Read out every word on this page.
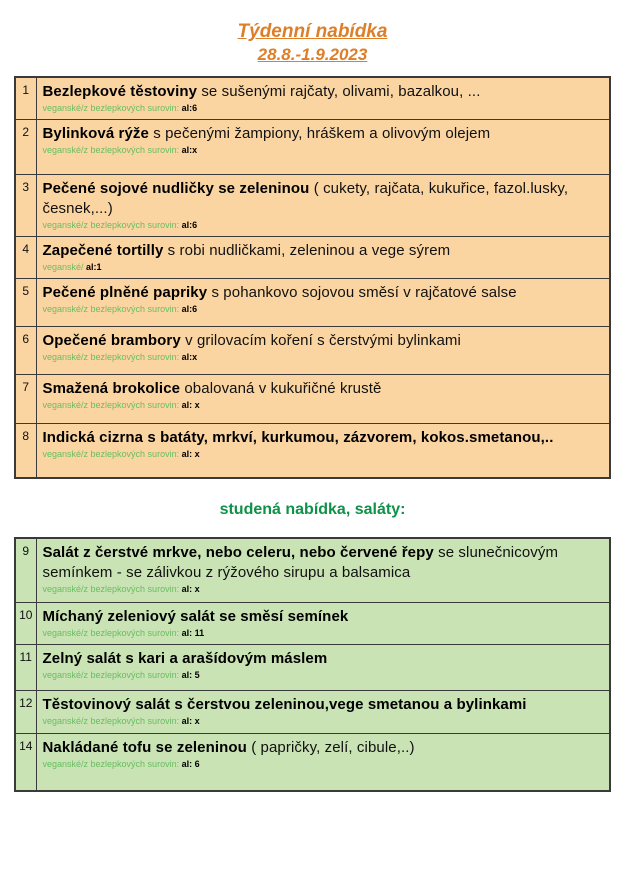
Týdenní nabídka

28.8.-1.9.2023

1	Bezlepkové těstoviny se sušenými rajčaty, olivami, bazalkou, ...
veganské/z bezlepkových surovin: al:6

2	Bylinková rýže s pečenými žampiony, hráškem a olivovým olejem
veganské/z bezlepkových surovin: al:x

3	Pečené sojové nudličky se zeleninou ( cukety, rajčata, kukuřice, fazol.lusky, česnek,...)
veganské/z bezlepkových surovin: al:6

4	Zapečené tortilly s robi nudličkami, zeleninou a vege sýrem
veganské/ al:1

5	Pečené plněné papriky s pohankovo sojovou směsí v rajčatové salse
veganské/z bezlepkových surovin: al:6

6	Opečené brambory v grilovacím koření s čerstvými bylinkami
veganské/z bezlepkových surovin: al:x

7	Smažená brokolice obalovaná v kukuřičné krustě
veganské/z bezlepkových surovin: al: x

8	Indická cizrna s batáty, mrkví, kurkumou, zázvorem, kokos.smetanou,..
veganské/z bezlepkových surovin: al: x
studená nabídka, saláty:
9	Salát z čerstvé mrkve, nebo celeru, nebo červené řepy se slunečnicovým semínkem - se zálivkou z rýžového sirupu a balsamica
veganské/z bezlepkových surovin: al: x

10	Míchaný zeleniový salát se směsí semínek
veganské/z bezlepkových surovin: al: 11

11	Zelný salát s kari a arašídovým máslem
veganské/z bezlepkových surovin: al: 5

12	Těstovinový salát s čerstvou zeleninou,vege smetanou a bylinkami
veganské/z bezlepkových surovin: al: x

14	Nakládané tofu se zeleninou ( papričky, zelí, cibule,..)
veganské/z bezlepkových surovin: al: 6
